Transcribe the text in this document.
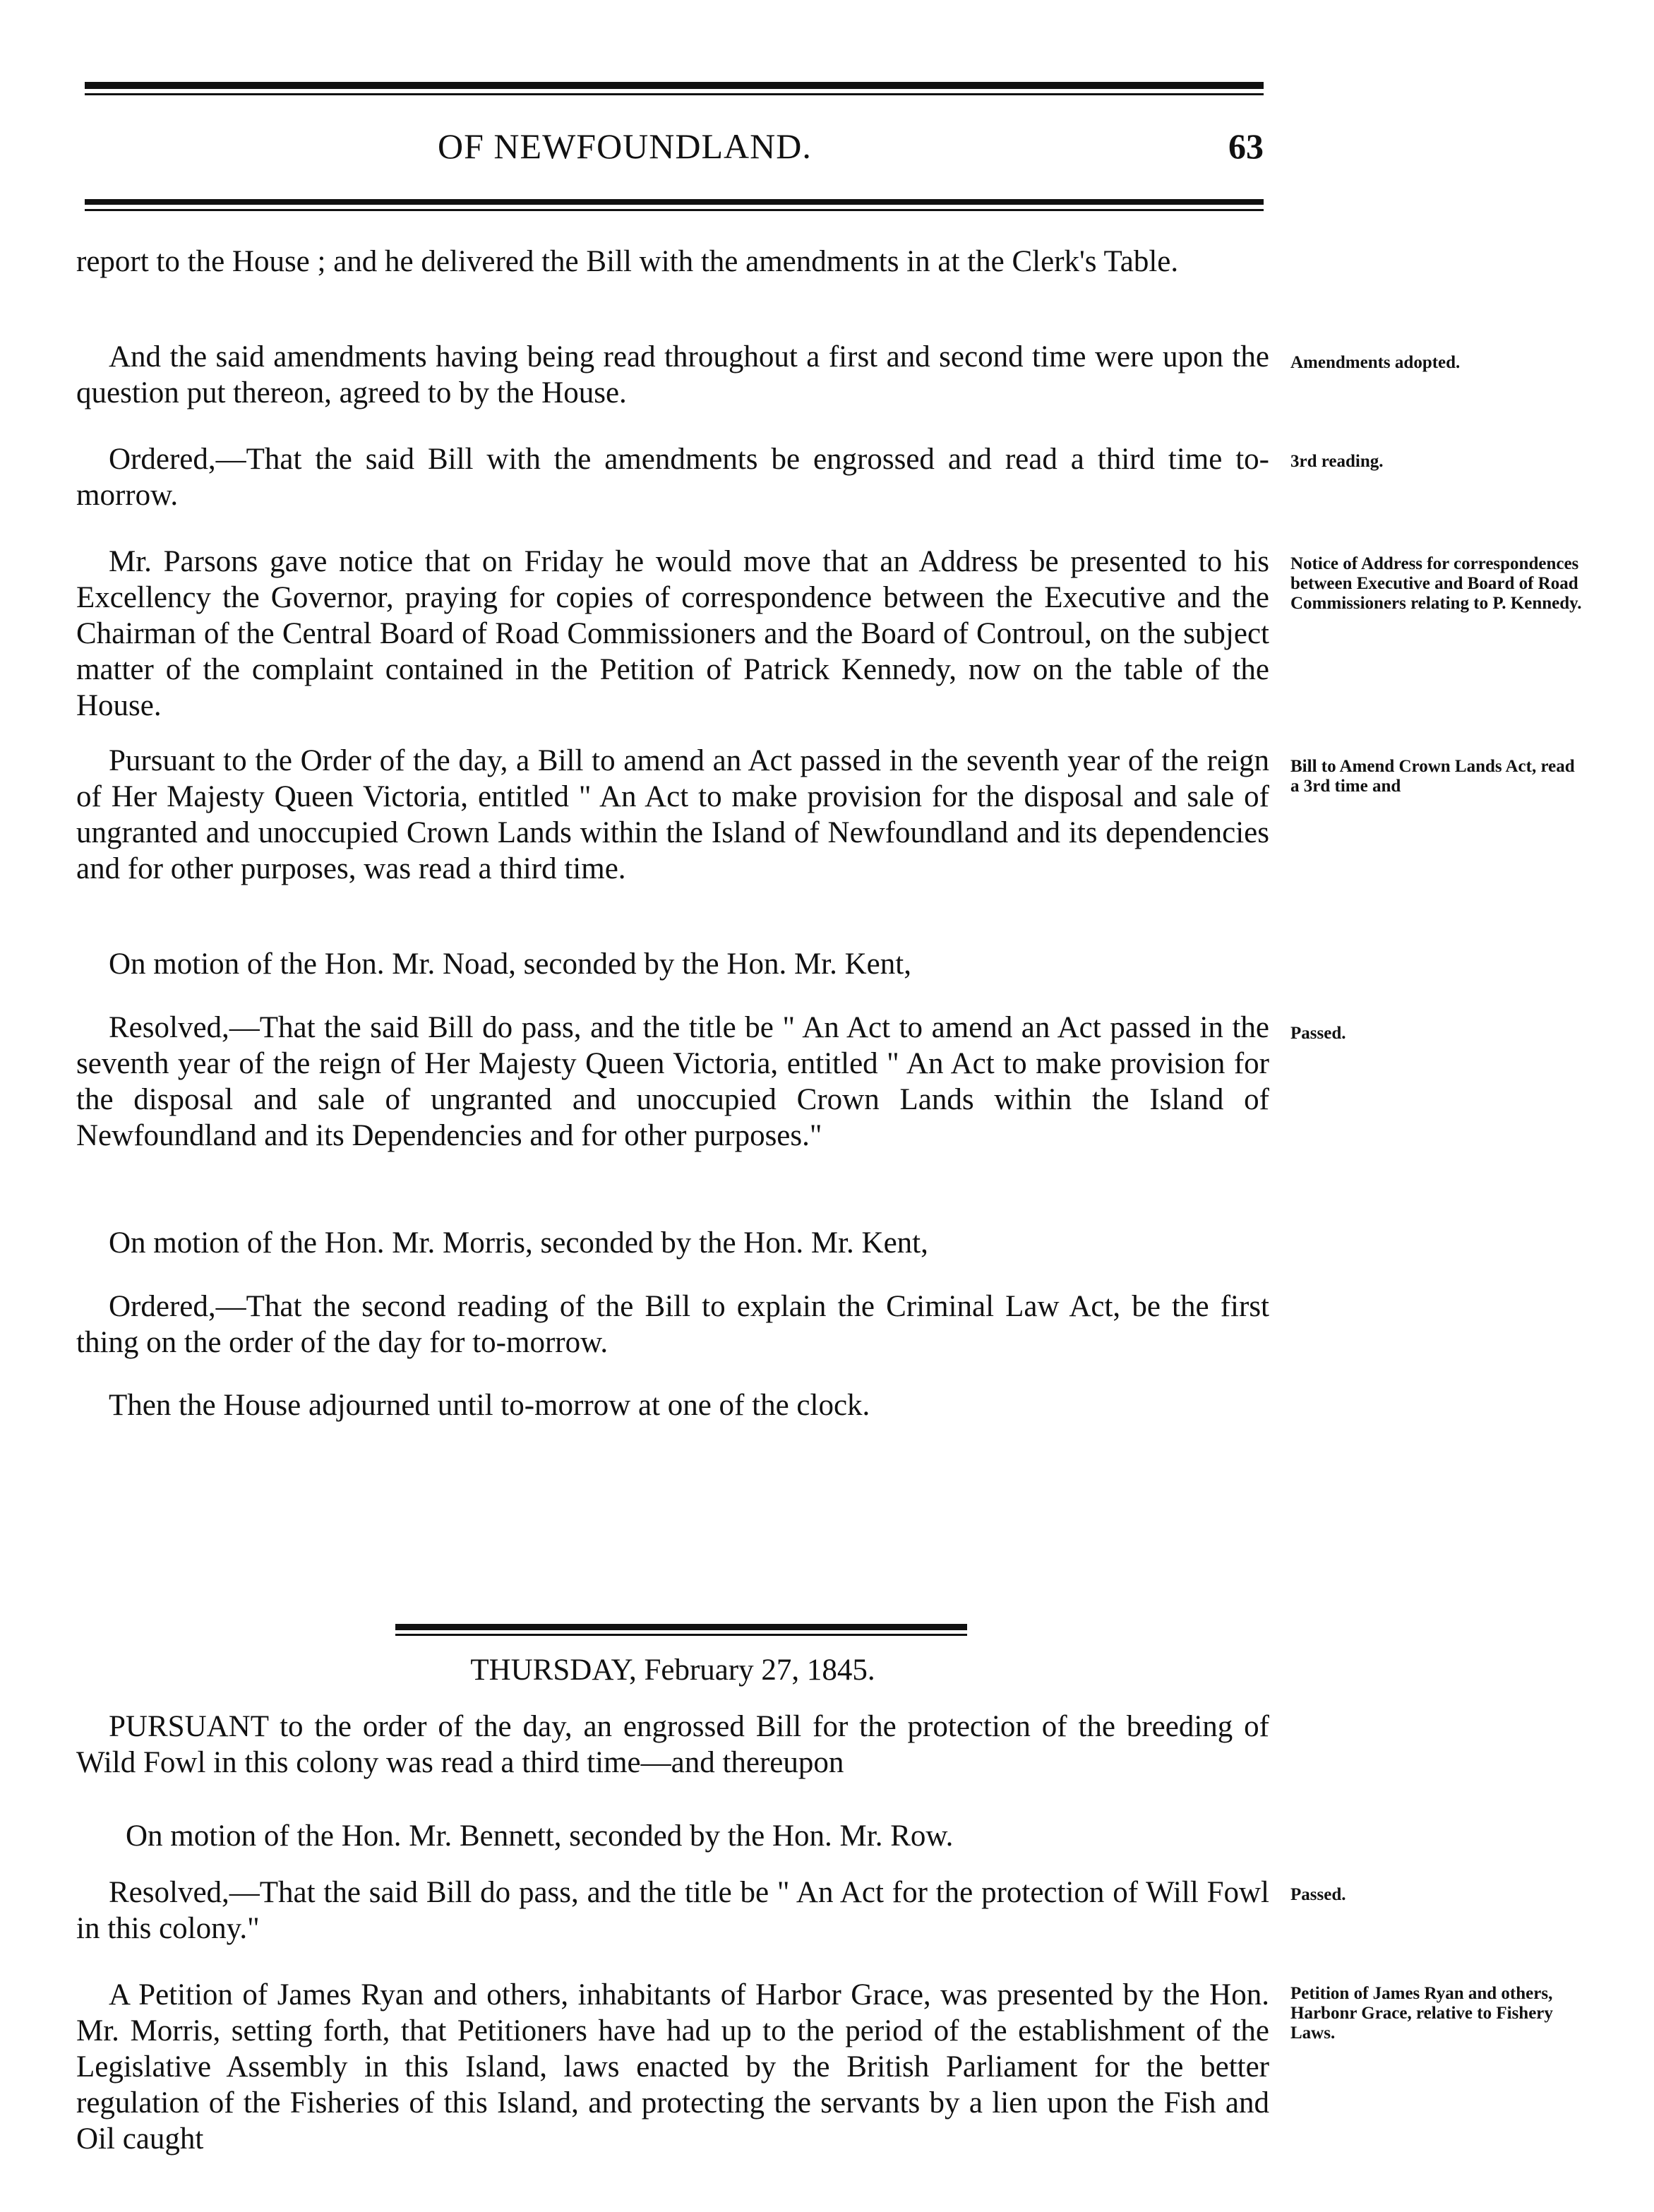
OF NEWFOUNDLAND.	63

report to the House ; and he delivered the Bill with the amendments in at the Clerk's Table.

And the said amendments having being read throughout a first and second time were upon the question put thereon, agreed to by the House.

Ordered,—That the said Bill with the amendments be engrossed and read a third time to-morrow.

Mr. Parsons gave notice that on Friday he would move that an Address be presented to his Excellency the Governor, praying for copies of correspondence between the Executive and the Chairman of the Central Board of Road Commissioners and the Board of Controul, on the subject matter of the complaint contained in the Petition of Patrick Kennedy, now on the table of the House.

Pursuant to the Order of the day, a Bill to amend an Act passed in the seventh year of the reign of Her Majesty Queen Victoria, entitled " An Act to make provision for the disposal and sale of ungranted and unoccupied Crown Lands within the Island of Newfoundland and its dependencies and for other purposes, was read a third time.

On motion of the Hon. Mr. Noad, seconded by the Hon. Mr. Kent,

Resolved,—That the said Bill do pass, and the title be " An Act to amend an Act passed in the seventh year of the reign of Her Majesty Queen Victoria, entitled " An Act to make provision for the disposal and sale of ungranted and unoccupied Crown Lands within the Island of Newfoundland and its Dependencies and for other purposes."

On motion of the Hon. Mr. Morris, seconded by the Hon. Mr. Kent,

Ordered,—That the second reading of the Bill to explain the Criminal Law Act, be the first thing on the order of the day for to-morrow.

Then the House adjourned until to-morrow at one of the clock.

THURSDAY, February 27, 1845.

PURSUANT to the order of the day, an engrossed Bill for the protection of the breeding of Wild Fowl in this colony was read a third time—and thereupon

On motion of the Hon. Mr. Bennett, seconded by the Hon. Mr. Row.

Resolved,—That the said Bill do pass, and the title be " An Act for the protection of Will Fowl in this colony."

A Petition of James Ryan and others, inhabitants of Harbor Grace, was presented by the Hon. Mr. Morris, setting forth, that Petitioners have had up to the period of the establishment of the Legislative Assembly in this Island, laws enacted by the British Parliament for the better regulation of the Fisheries of this Island, and protecting the servants by a lien upon the Fish and Oil caught

Amendments adopted.
3rd reading.
Notice of Address for correspondences between Executive and Board of Road Commissioners relating to P. Kennedy.
Bill to Amend Crown Lands Act, read a 3rd time and
Passed.
Passed.
Petition of James Ryan and others, Harbonr Grace, relative to Fishery Laws.
